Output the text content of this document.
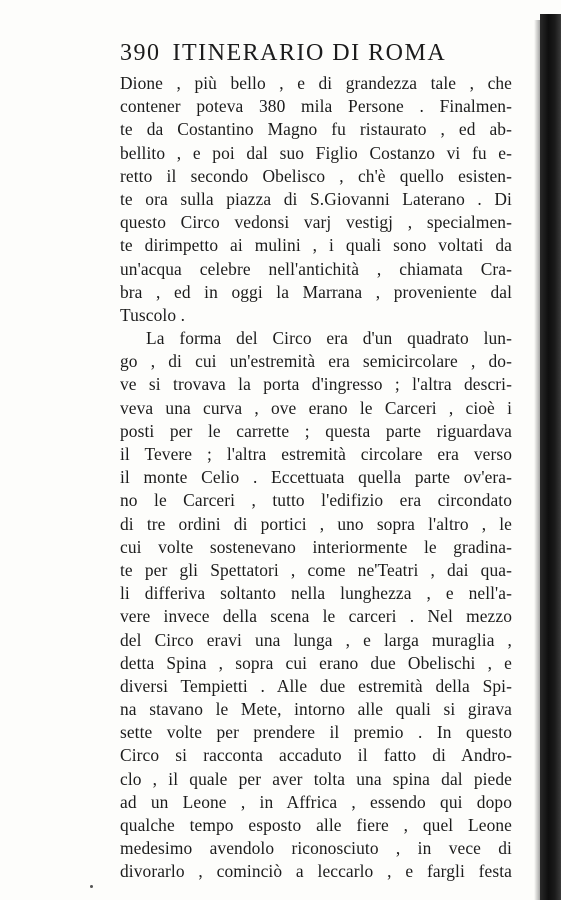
390 ITINERARIO DI ROMA
Dione , più bello , e di grandezza tale , che
contener poteva 380 mila Persone . Finalmen-
te da Costantino Magno fu ristaurato , ed ab-
bellito , e poi dal suo Figlio Costanzo vi fu e-
retto il secondo Obelisco , ch'è quello esisten-
te ora sulla piazza di S.Giovanni Laterano . Di
questo Circo vedonsi varj vestigj , specialmen-
te dirimpetto ai mulini , i quali sono voltati da
un'acqua celebre nell'antichità , chiamata Cra-
bra , ed in oggi la Marrana , proveniente dal
Tuscolo .
La forma del Circo era d'un quadrato lun-
go , di cui un'estremità era semicircolare , do-
ve si trovava la porta d'ingresso ; l'altra descri-
veva una curva , ove erano le Carceri , cioè i
posti per le carrette ; questa parte riguardava
il Tevere ; l'altra estremità circolare era verso
il monte Celio . Eccettuata quella parte ov'era-
no le Carceri , tutto l'edifizio era circondato
di tre ordini di portici , uno sopra l'altro , le
cui volte sostenevano interiormente le gradina-
te per gli Spettatori , come ne'Teatri , dai qua-
li differiva soltanto nella lunghezza , e nell'a-
vere invece della scena le carceri . Nel mezzo
del Circo eravi una lunga , e larga muraglia ,
detta Spina , sopra cui erano due Obelischi , e
diversi Tempietti . Alle due estremità della Spi-
na stavano le Mete, intorno alle quali si girava
sette volte per prendere il premio . In questo
Circo si racconta accaduto il fatto di Andro-
clo , il quale per aver tolta una spina dal piede
ad un Leone , in Affrica , essendo qui dopo
qualche tempo esposto alle fiere , quel Leone
medesimo avendolo riconosciuto , in vece di
divorarlo , cominciò a leccarlo , e fargli festa
